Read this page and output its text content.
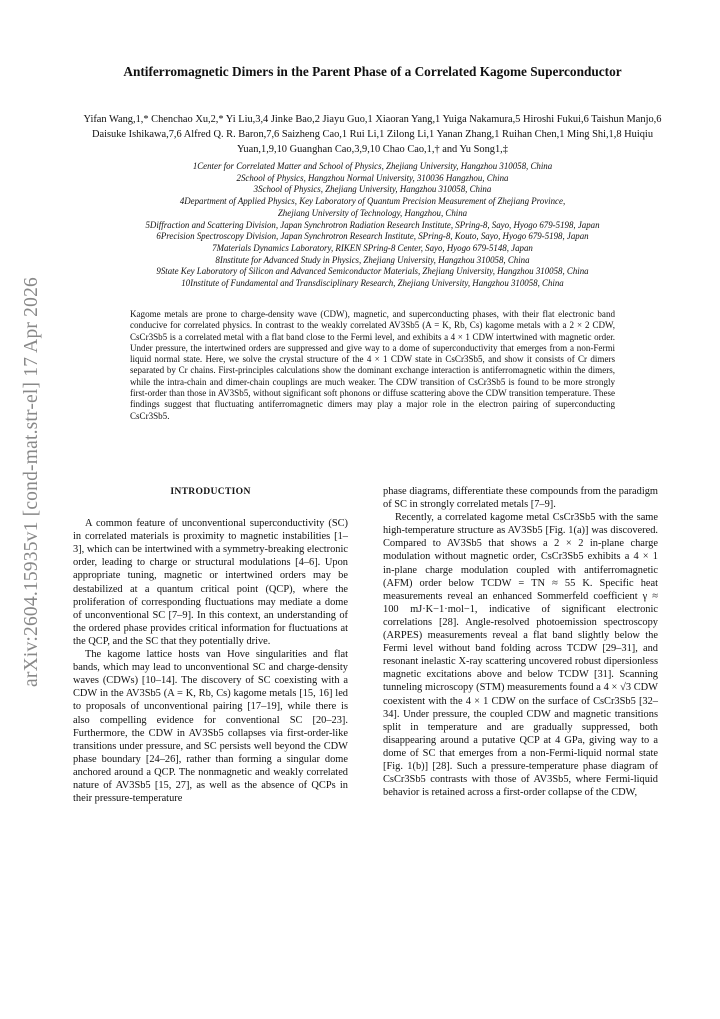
arXiv:2604.15935v1 [cond-mat.str-el] 17 Apr 2026
Antiferromagnetic Dimers in the Parent Phase of a Correlated Kagome Superconductor
Yifan Wang,1,* Chenchao Xu,2,* Yi Liu,3,4 Jinke Bao,2 Jiayu Guo,1 Xiaoran Yang,1 Yuiga Nakamura,5 Hiroshi Fukui,6 Taishun Manjo,6 Daisuke Ishikawa,7,6 Alfred Q. R. Baron,7,6 Saizheng Cao,1 Rui Li,1 Zilong Li,1 Yanan Zhang,1 Ruihan Chen,1 Ming Shi,1,8 Huiqiu Yuan,1,9,10 Guanghan Cao,3,9,10 Chao Cao,1,† and Yu Song1,‡
1Center for Correlated Matter and School of Physics, Zhejiang University, Hangzhou 310058, China
2School of Physics, Hangzhou Normal University, 310036 Hangzhou, China
3School of Physics, Zhejiang University, Hangzhou 310058, China
4Department of Applied Physics, Key Laboratory of Quantum Precision Measurement of Zhejiang Province,
Zhejiang University of Technology, Hangzhou, China
5Diffraction and Scattering Division, Japan Synchrotron Radiation Research Institute, SPring-8, Sayo, Hyogo 679-5198, Japan
6Precision Spectroscopy Division, Japan Synchrotron Research Institute, SPring-8, Kouto, Sayo, Hyogo 679-5198, Japan
7Materials Dynamics Laboratory, RIKEN SPring-8 Center, Sayo, Hyogo 679-5148, Japan
8Institute for Advanced Study in Physics, Zhejiang University, Hangzhou 310058, China
9State Key Laboratory of Silicon and Advanced Semiconductor Materials, Zhejiang University, Hangzhou 310058, China
10Institute of Fundamental and Transdisciplinary Research, Zhejiang University, Hangzhou 310058, China
Kagome metals are prone to charge-density wave (CDW), magnetic, and superconducting phases, with their flat electronic band conducive for correlated physics. In contrast to the weakly correlated AV3Sb5 (A = K, Rb, Cs) kagome metals with a 2 × 2 CDW, CsCr3Sb5 is a correlated metal with a flat band close to the Fermi level, and exhibits a 4 × 1 CDW intertwined with magnetic order. Under pressure, the intertwined orders are suppressed and give way to a dome of superconductivity that emerges from a non-Fermi liquid normal state. Here, we solve the crystal structure of the 4 × 1 CDW state in CsCr3Sb5, and show it consists of Cr dimers separated by Cr chains. First-principles calculations show the dominant exchange interaction is antiferromagnetic within the dimers, while the intra-chain and dimer-chain couplings are much weaker. The CDW transition of CsCr3Sb5 is found to be more strongly first-order than those in AV3Sb5, without significant soft phonons or diffuse scattering above the CDW transition temperature. These findings suggest that fluctuating antiferromagnetic dimers may play a major role in the electron pairing of superconducting CsCr3Sb5.
INTRODUCTION

A common feature of unconventional superconductivity (SC) in correlated materials is proximity to magnetic instabilities [1–3], which can be intertwined with a symmetry-breaking electronic order, leading to charge or structural modulations [4–6]. Upon appropriate tuning, magnetic or intertwined orders may be destabilized at a quantum critical point (QCP), where the proliferation of corresponding fluctuations may mediate a dome of unconventional SC [7–9]. In this context, an understanding of the ordered phase provides critical information for fluctuations at the QCP, and the SC that they potentially drive.

The kagome lattice hosts van Hove singularities and flat bands, which may lead to unconventional SC and charge-density waves (CDWs) [10–14]. The discovery of SC coexisting with a CDW in the AV3Sb5 (A = K, Rb, Cs) kagome metals [15, 16] led to proposals of unconventional pairing [17–19], while there is also compelling evidence for conventional SC [20–23]. Furthermore, the CDW in AV3Sb5 collapses via first-order-like transitions under pressure, and SC persists well beyond the CDW phase boundary [24–26], rather than forming a singular dome anchored around a QCP. The nonmagnetic and weakly correlated nature of AV3Sb5 [15, 27], as well as the absence of QCPs in their pressure-temperature

phase diagrams, differentiate these compounds from the paradigm of SC in strongly correlated metals [7–9].

Recently, a correlated kagome metal CsCr3Sb5 with the same high-temperature structure as AV3Sb5 [Fig. 1(a)] was discovered. Compared to AV3Sb5 that shows a 2 × 2 in-plane charge modulation without magnetic order, CsCr3Sb5 exhibits a 4 × 1 in-plane charge modulation coupled with antiferromagnetic (AFM) order below TCDW = TN ≈ 55 K. Specific heat measurements reveal an enhanced Sommerfeld coefficient γ ≈ 100 mJ·K−1·mol−1, indicative of significant electronic correlations [28]. Angle-resolved photoemission spectroscopy (ARPES) measurements reveal a flat band slightly below the Fermi level without band folding across TCDW [29–31], and resonant inelastic X-ray scattering uncovered robust dipersionless magnetic excitations above and below TCDW [31]. Scanning tunneling microscopy (STM) measurements found a 4 × √3 CDW coexistent with the 4 × 1 CDW on the surface of CsCr3Sb5 [32–34]. Under pressure, the coupled CDW and magnetic transitions split in temperature and are gradually suppressed, both disappearing around a putative QCP at 4 GPa, giving way to a dome of SC that emerges from a non-Fermi-liquid normal state [Fig. 1(b)] [28]. Such a pressure-temperature phase diagram of CsCr3Sb5 contrasts with those of AV3Sb5, where Fermi-liquid behavior is retained across a first-order collapse of the CDW,
